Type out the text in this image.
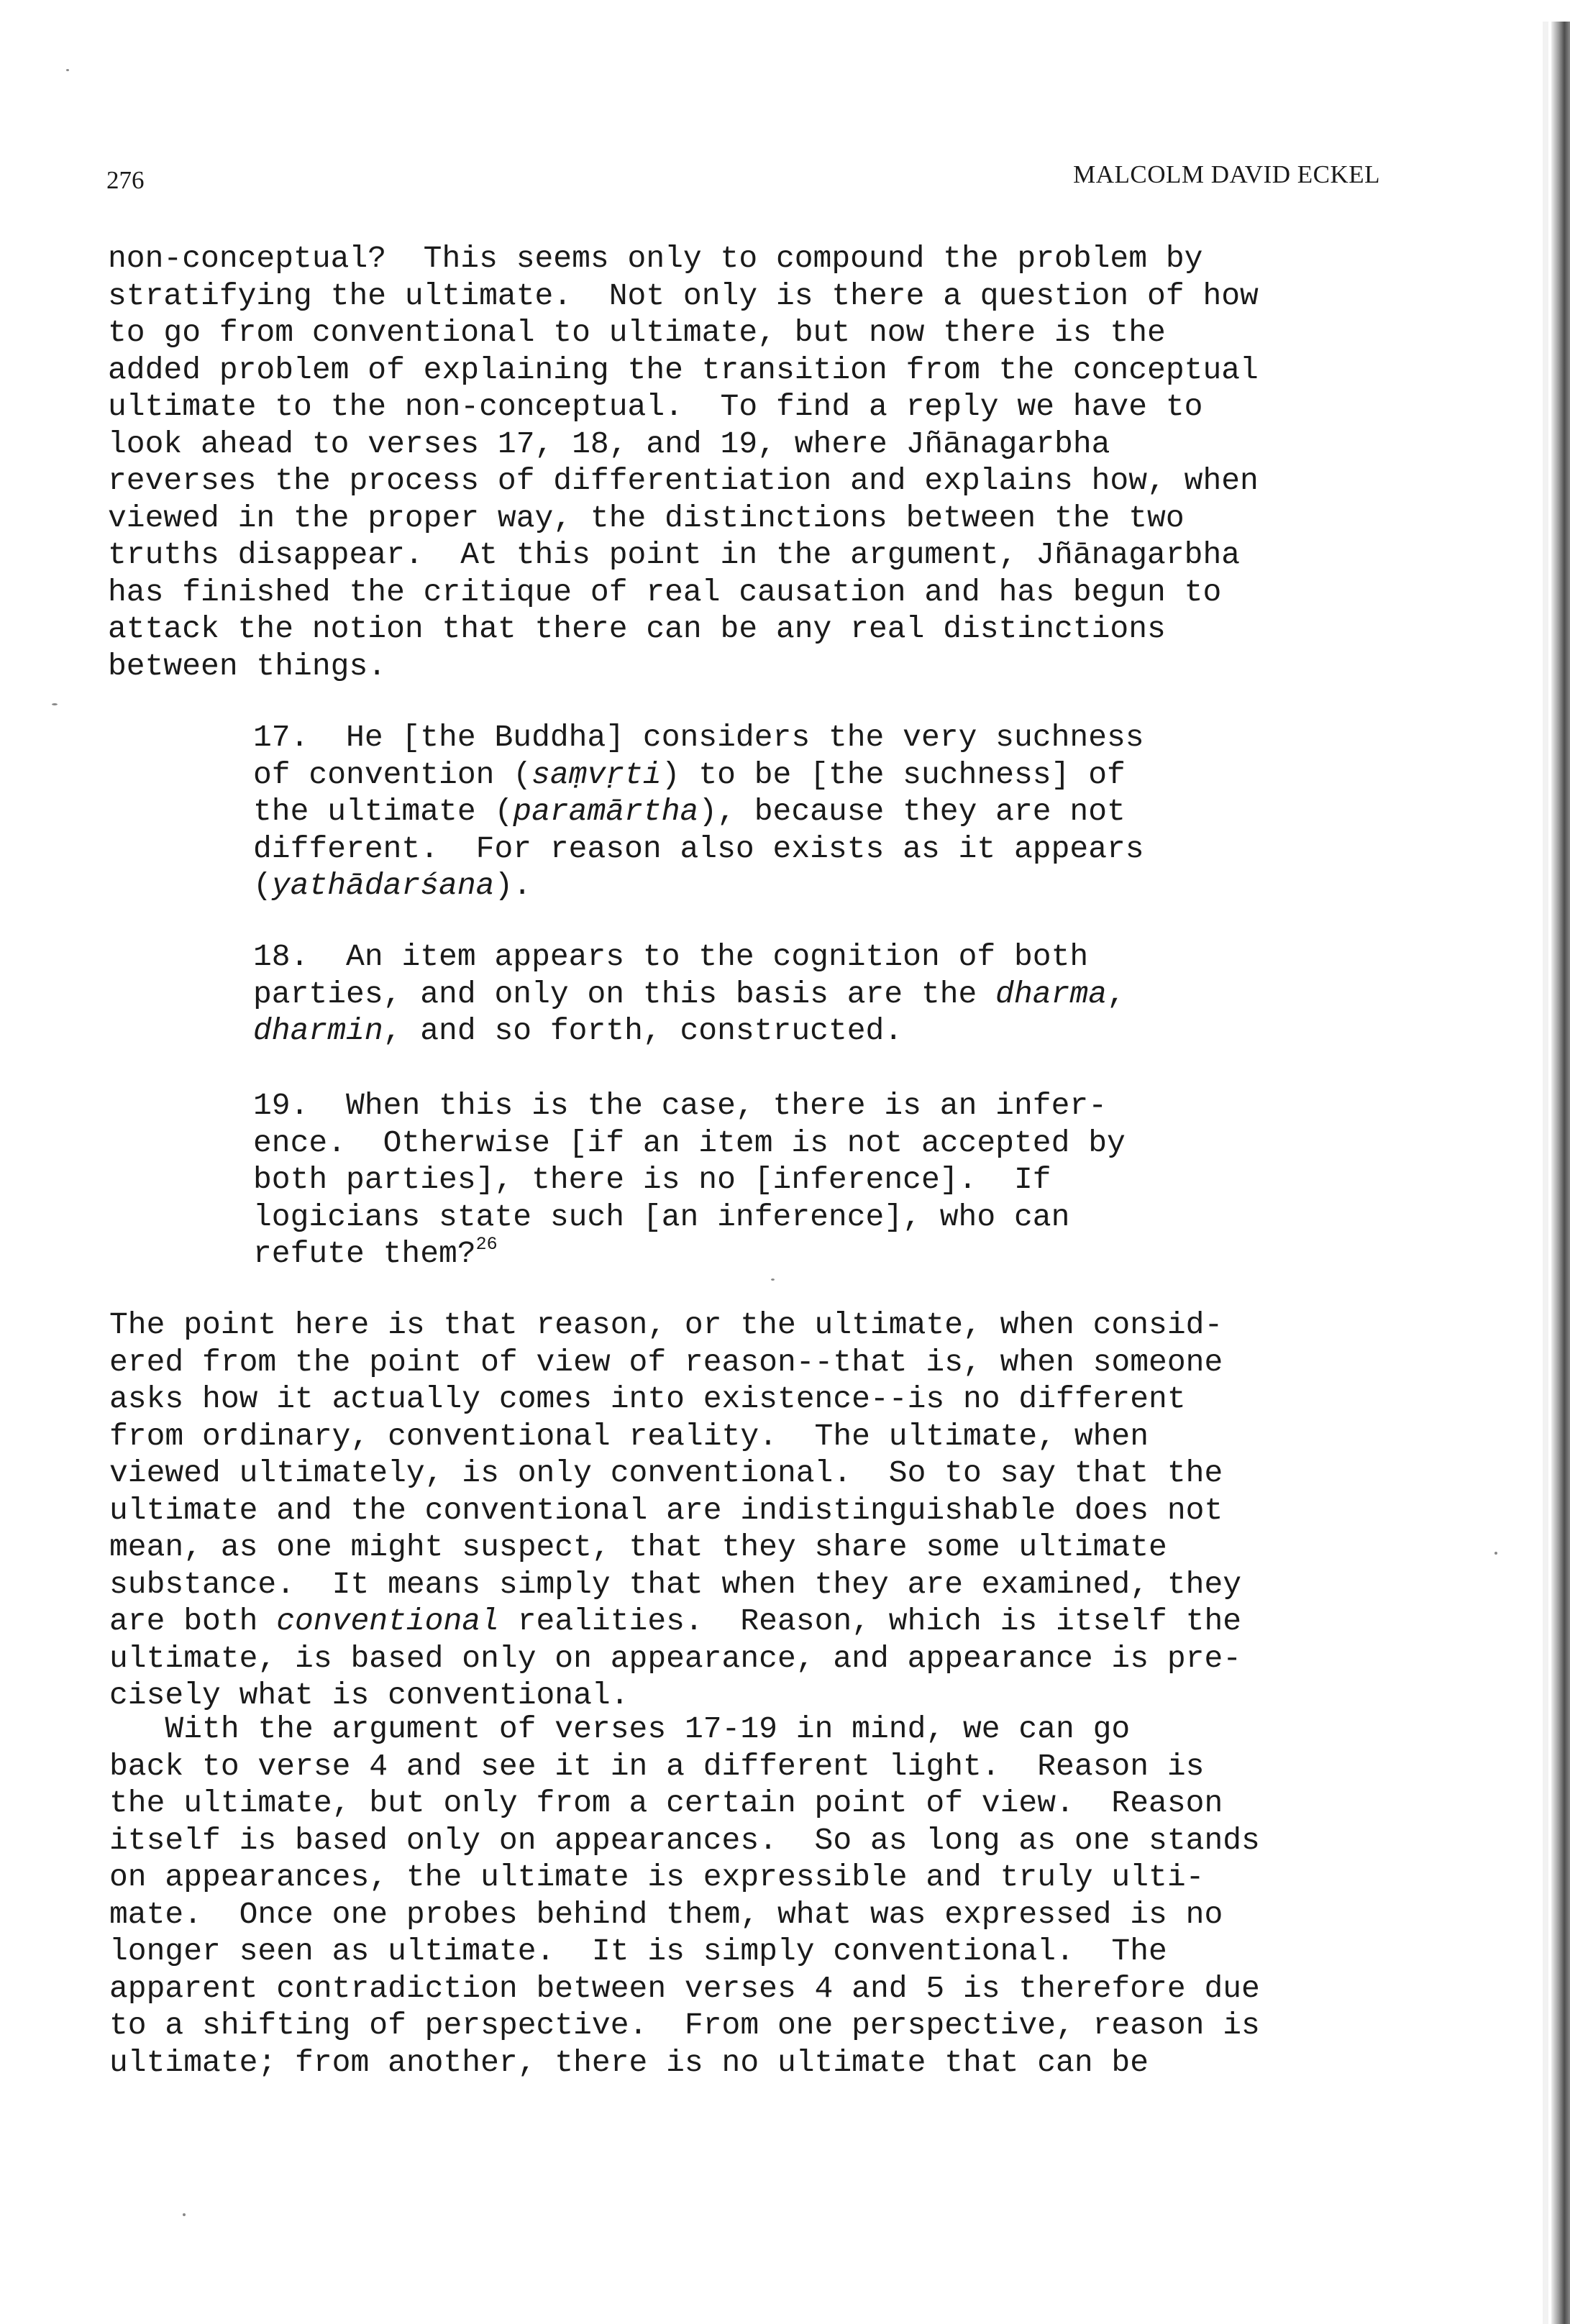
276	MALCOLM DAVID ECKEL

non-conceptual?  This seems only to compound the problem by
stratifying the ultimate.  Not only is there a question of how
to go from conventional to ultimate, but now there is the
added problem of explaining the transition from the conceptual
ultimate to the non-conceptual.  To find a reply we have to
look ahead to verses 17, 18, and 19, where Jñānagarbha
reverses the process of differentiation and explains how, when
viewed in the proper way, the distinctions between the two
truths disappear.  At this point in the argument, Jñānagarbha
has finished the critique of real causation and has begun to
attack the notion that there can be any real distinctions
between things.

17. He [the Buddha] considers the very suchness
of convention (saṃvṛti) to be [the suchness] of
the ultimate (paramārtha), because they are not
different.  For reason also exists as it appears
(yathādarśana).

18. An item appears to the cognition of both
parties, and only on this basis are the dharma,
dharmin, and so forth, constructed.

19. When this is the case, there is an infer-
ence.  Otherwise [if an item is not accepted by
both parties], there is no [inference].  If
logicians state such [an inference], who can
refute them?$^{26}$

The point here is that reason, or the ultimate, when consid-
ered from the point of view of reason--that is, when someone
asks how it actually comes into existence--is no different
from ordinary, conventional reality.  The ultimate, when
viewed ultimately, is only conventional.  So to say that the
ultimate and the conventional are indistinguishable does not
mean, as one might suspect, that they share some ultimate
substance.  It means simply that when they are examined, they
are both conventional realities.  Reason, which is itself the
ultimate, is based only on appearance, and appearance is pre-
cisely what is conventional.

With the argument of verses 17-19 in mind, we can go
back to verse 4 and see it in a different light.  Reason is
the ultimate, but only from a certain point of view.  Reason
itself is based only on appearances.  So as long as one stands
on appearances, the ultimate is expressible and truly ulti-
mate.  Once one probes behind them, what was expressed is no
longer seen as ultimate.  It is simply conventional.  The
apparent contradiction between verses 4 and 5 is therefore due
to a shifting of perspective.  From one perspective, reason is
ultimate; from another, there is no ultimate that can be
